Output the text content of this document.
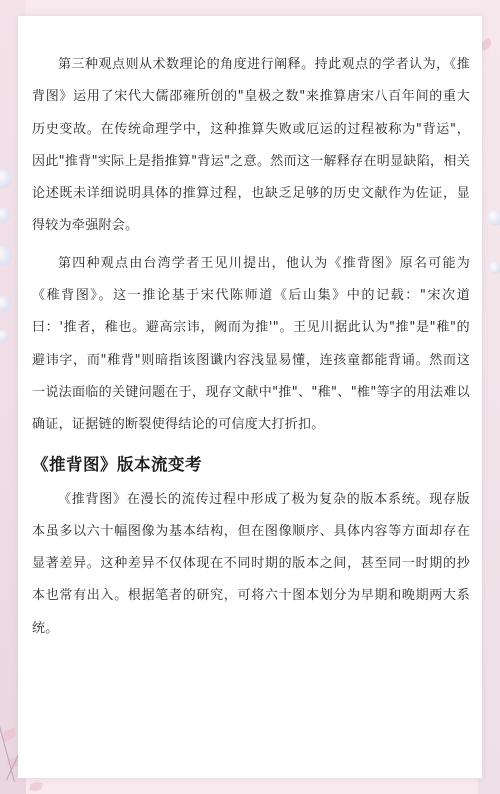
第三种观点则从术数理论的角度进行阐释。持此观点的学者认为，《推背图》运用了宋代大儒邵雍所创的"皇极之数"来推算唐宋八百年间的重大历史变故。在传统命理学中，这种推算失败或厄运的过程被称为"背运"，因此"推背"实际上是指推算"背运"之意。然而这一解释存在明显缺陷，相关论述既未详细说明具体的推算过程，也缺乏足够的历史文献作为佐证，显得较为牵强附会。

第四种观点由台湾学者王见川提出，他认为《推背图》原名可能为《稚背图》。这一推论基于宋代陈师道《后山集》中的记载："宋次道曰：'推者，稚也。避高宗讳，阙而为推'"。王见川据此认为"推"是"稚"的避讳字，而"稚背"则暗指该图谶内容浅显易懂，连孩童都能背诵。然而这一说法面临的关键问题在于，现存文献中"推"、"稚"、"椎"等字的用法难以确证，证据链的断裂使得结论的可信度大打折扣。

《推背图》版本流变考

《推背图》在漫长的流传过程中形成了极为复杂的版本系统。现存版本虽多以六十幅图像为基本结构，但在图像顺序、具体内容等方面却存在显著差异。这种差异不仅体现在不同时期的版本之间，甚至同一时期的抄本也常有出入。根据笔者的研究，可将六十图本划分为早期和晚期两大系统。
